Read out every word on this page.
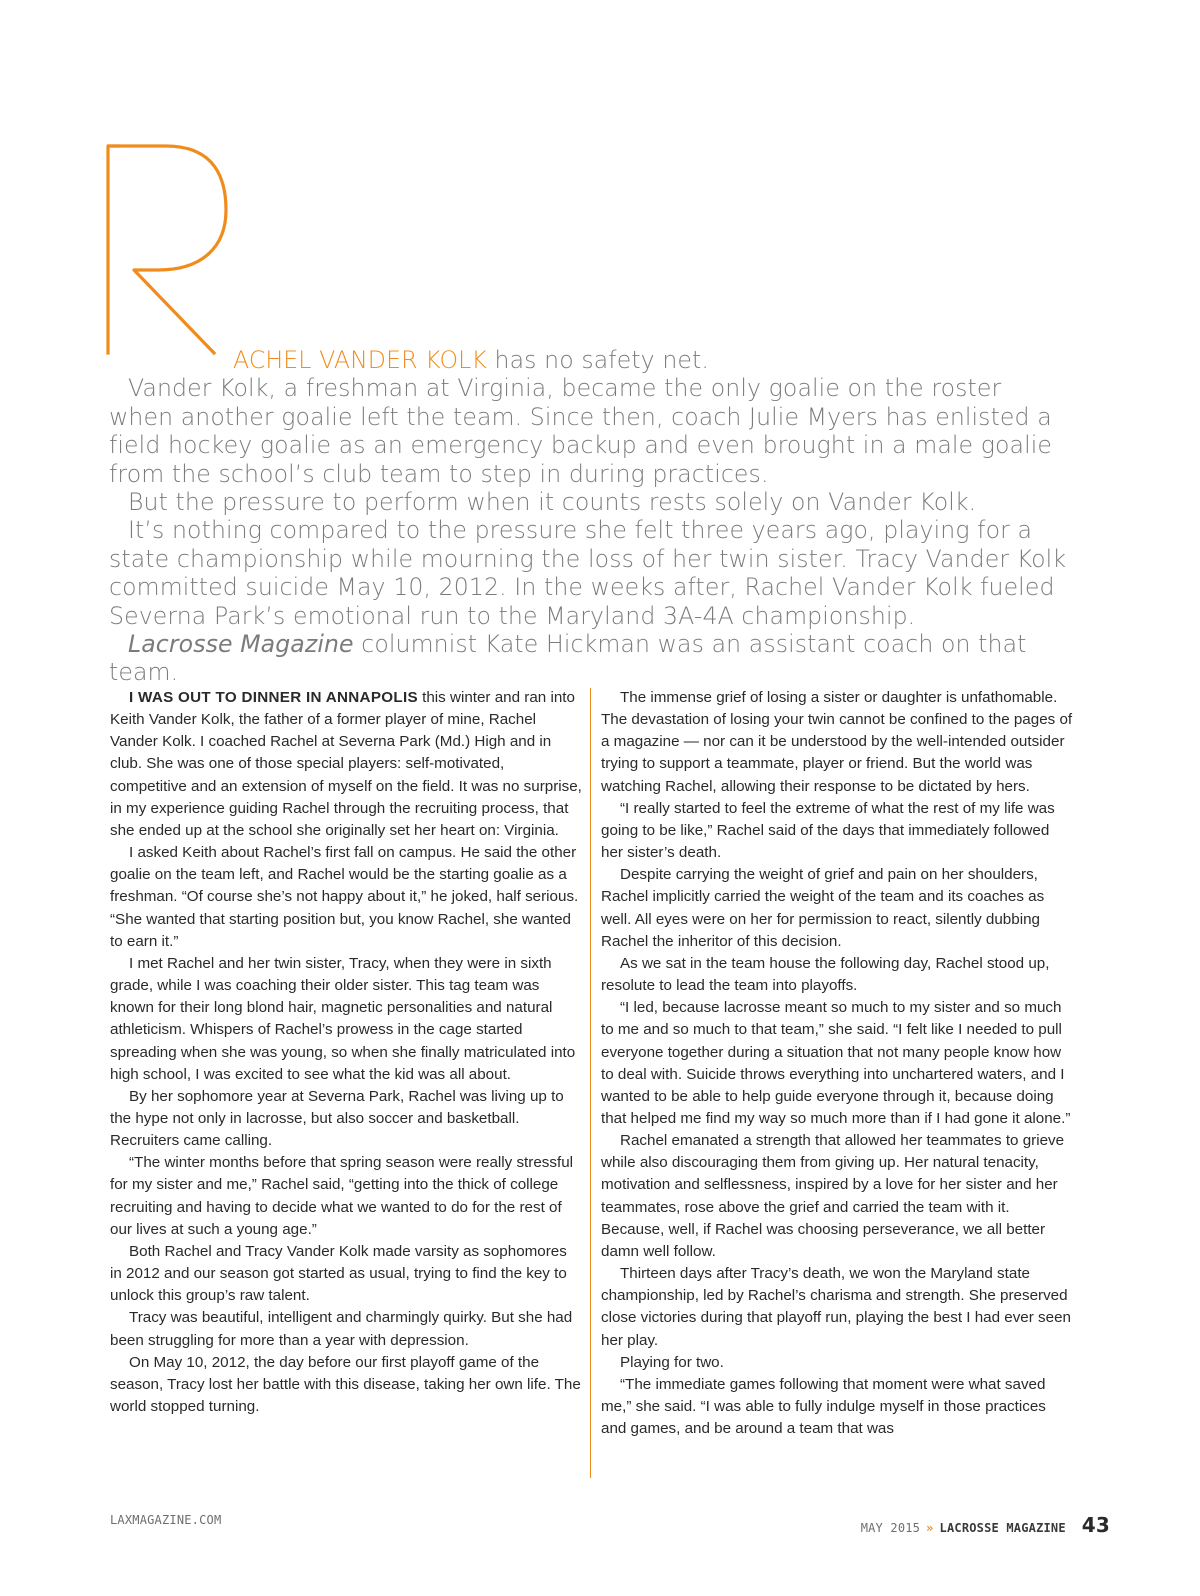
ACHEL VANDER KOLK has no safety net.

Vander Kolk, a freshman at Virginia, became the only goalie on the roster when another goalie left the team. Since then, coach Julie Myers has enlisted a field hockey goalie as an emergency backup and even brought in a male goalie from the school’s club team to step in during practices.

But the pressure to perform when it counts rests solely on Vander Kolk.

It’s nothing compared to the pressure she felt three years ago, playing for a state championship while mourning the loss of her twin sister. Tracy Vander Kolk committed suicide May 10, 2012. In the weeks after, Rachel Vander Kolk fueled Severna Park’s emotional run to the Maryland 3A-4A championship.

Lacrosse Magazine columnist Kate Hickman was an assistant coach on that team.

I WAS OUT TO DINNER IN ANNAPOLIS this winter and ran into Keith Vander Kolk, the father of a former player of mine, Rachel Vander Kolk. I coached Rachel at Severna Park (Md.) High and in club. She was one of those special players: self-motivated, competitive and an extension of myself on the field. It was no surprise, in my experience guiding Rachel through the recruiting process, that she ended up at the school she originally set her heart on: Virginia.

I asked Keith about Rachel’s first fall on campus. He said the other goalie on the team left, and Rachel would be the starting goalie as a freshman. “Of course she’s not happy about it,” he joked, half serious. “She wanted that starting position but, you know Rachel, she wanted to earn it.”

I met Rachel and her twin sister, Tracy, when they were in sixth grade, while I was coaching their older sister. This tag team was known for their long blond hair, magnetic personalities and natural athleticism. Whispers of Rachel’s prowess in the cage started spreading when she was young, so when she finally matriculated into high school, I was excited to see what the kid was all about.

By her sophomore year at Severna Park, Rachel was living up to the hype not only in lacrosse, but also soccer and basketball. Recruiters came calling.

“The winter months before that spring season were really stressful for my sister and me,” Rachel said, “getting into the thick of college recruiting and having to decide what we wanted to do for the rest of our lives at such a young age.”

Both Rachel and Tracy Vander Kolk made varsity as sophomores in 2012 and our season got started as usual, trying to find the key to unlock this group’s raw talent.

Tracy was beautiful, intelligent and charmingly quirky. But she had been struggling for more than a year with depression.

On May 10, 2012, the day before our first playoff game of the season, Tracy lost her battle with this disease, taking her own life. The world stopped turning.

The immense grief of losing a sister or daughter is unfathomable. The devastation of losing your twin cannot be confined to the pages of a magazine — nor can it be understood by the well-intended outsider trying to support a teammate, player or friend. But the world was watching Rachel, allowing their response to be dictated by hers.

“I really started to feel the extreme of what the rest of my life was going to be like,” Rachel said of the days that immediately followed her sister’s death.

Despite carrying the weight of grief and pain on her shoulders, Rachel implicitly carried the weight of the team and its coaches as well. All eyes were on her for permission to react, silently dubbing Rachel the inheritor of this decision.

As we sat in the team house the following day, Rachel stood up, resolute to lead the team into playoffs.

“I led, because lacrosse meant so much to my sister and so much to me and so much to that team,” she said. “I felt like I needed to pull everyone together during a situation that not many people know how to deal with. Suicide throws everything into unchartered waters, and I wanted to be able to help guide everyone through it, because doing that helped me find my way so much more than if I had gone it alone.”

Rachel emanated a strength that allowed her teammates to grieve while also discouraging them from giving up. Her natural tenacity, motivation and selflessness, inspired by a love for her sister and her teammates, rose above the grief and carried the team with it. Because, well, if Rachel was choosing perseverance, we all better damn well follow.

Thirteen days after Tracy’s death, we won the Maryland state championship, led by Rachel’s charisma and strength. She preserved close victories during that playoff run, playing the best I had ever seen her play.

Playing for two.

“The immediate games following that moment were what saved me,” she said. “I was able to fully indulge myself in those practices and games, and be around a team that was

LAXMAGAZINE.COM
MAY 2015 » LACROSSE MAGAZINE 43
